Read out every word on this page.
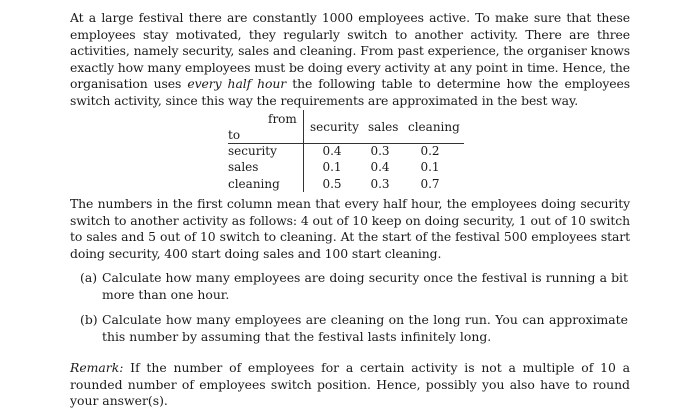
At a large festival there are constantly 1000 employees active. To make sure that these employees stay motivated, they regularly switch to another activity. There are three activities, namely security, sales and cleaning. From past experience, the organiser knows exactly how many employees must be doing every activity at any point in time. Hence, the organisation uses every half hour the following table to determine how the employees switch activity, since this way the requirements are approximated in the best way.
from
to
security sales cleaning
security	0.4	0.3	0.2
sales	0.1	0.4	0.1
cleaning	0.5	0.3	0.7
The numbers in the first column mean that every half hour, the employees doing security switch to another activity as follows: 4 out of 10 keep on doing security, 1 out of 10 switch to sales and 5 out of 10 switch to cleaning. At the start of the festival 500 employees start doing security, 400 start doing sales and 100 start cleaning.
(a) Calculate how many employees are doing security once the festival is running a bit more than one hour.
(b) Calculate how many employees are cleaning on the long run. You can approximate this number by assuming that the festival lasts infinitely long.
Remark: If the number of employees for a certain activity is not a multiple of 10 a rounded number of employees switch position. Hence, possibly you also have to round your answer(s).
